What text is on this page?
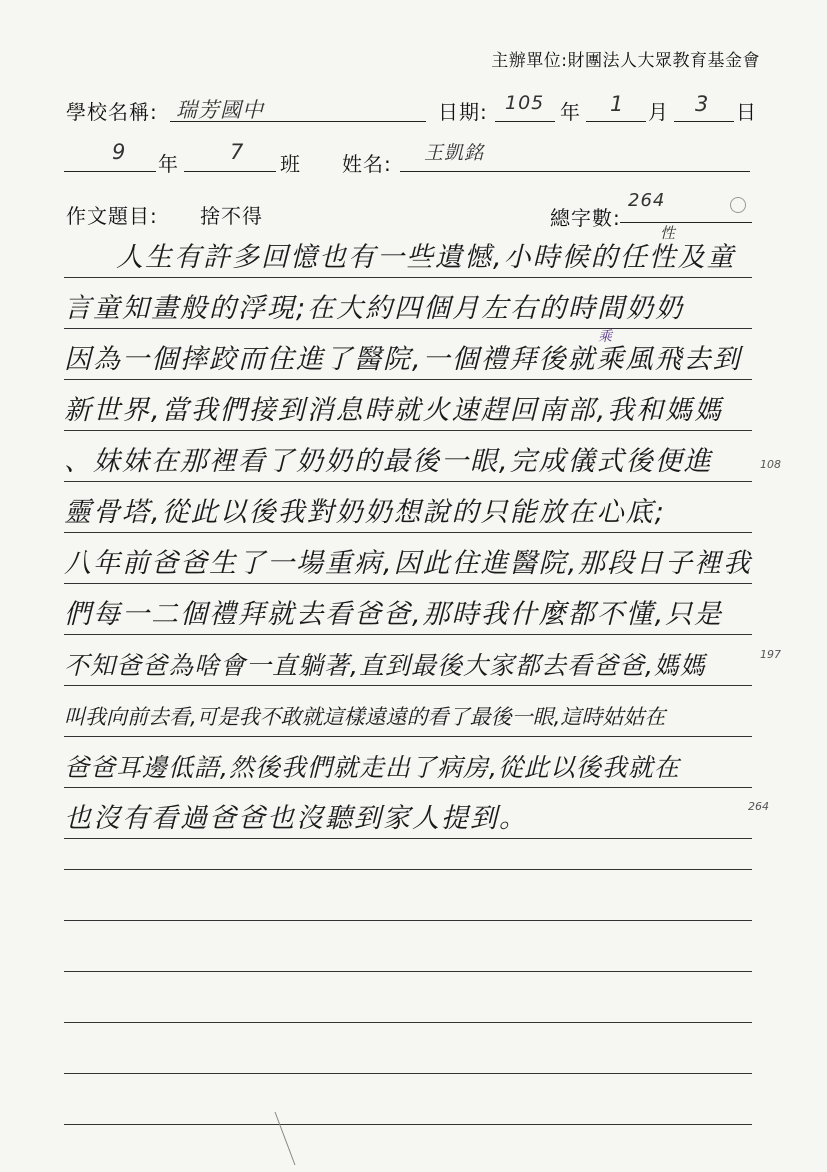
主辦單位:財團法人大眾教育基金會
學校名稱: 瑞芳國中	日期: 105 年 1 月 3 日
9 年 7 班 姓名: 王凱銘
作文題目: 捨不得	總字數:
264
人生有許多回憶也有一些遺憾,小時候的任性及童
言童知畫般的浮現;在大約四個月左右的時間奶奶
因為一個摔跤而住進了醫院,一個禮拜後就乘風飛去到
新世界,當我們接到消息時就火速趕回南部,我和媽媽
、妹妹在那裡看了奶奶的最後一眼,完成儀式後便進
靈骨塔,從此以後我對奶奶想說的只能放在心底;
八年前爸爸生了一場重病,因此住進醫院,那段日子裡我
們每一二個禮拜就去看爸爸,那時我什麼都不懂,只是
不知爸爸為啥會一直躺著,直到最後大家都去看爸爸,媽媽
叫我向前去看,可是我不敢就這樣遠遠的看了最後一眼,這時姑姑在
爸爸耳邊低語,然後我們就走出了病房,從此以後我就在
也沒有看過爸爸也沒聽到家人提到。
性
乘
108
197
264
